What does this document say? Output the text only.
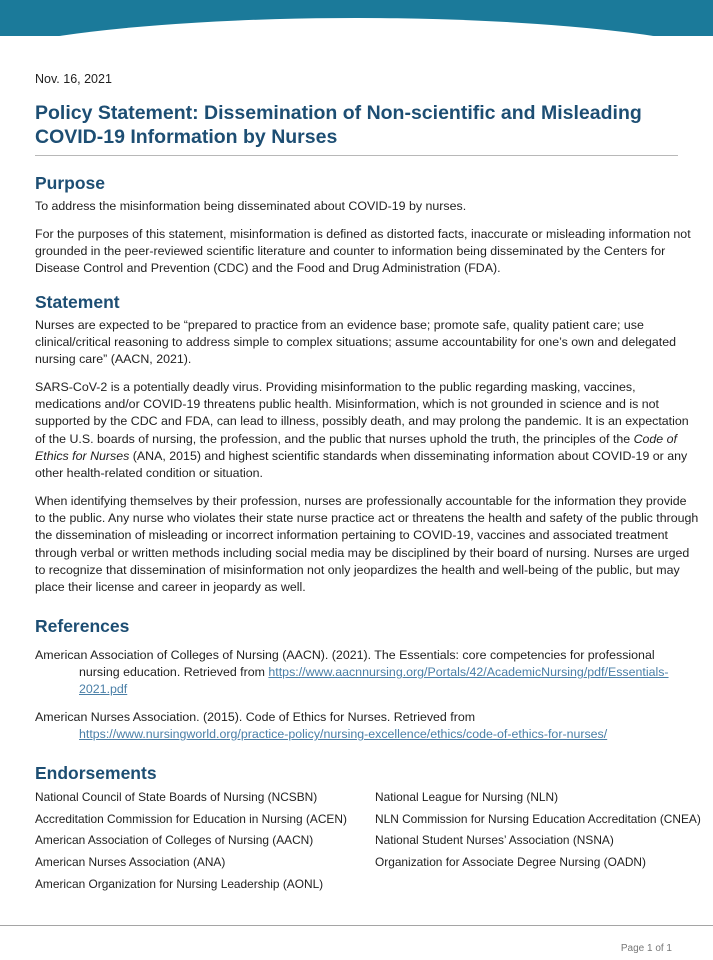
Nov. 16, 2021
Policy Statement: Dissemination of Non-scientific and Misleading COVID-19 Information by Nurses
Purpose

To address the misinformation being disseminated about COVID-19 by nurses.

For the purposes of this statement, misinformation is defined as distorted facts, inaccurate or misleading information not grounded in the peer-reviewed scientific literature and counter to information being disseminated by the Centers for Disease Control and Prevention (CDC) and the Food and Drug Administration (FDA).

Statement

Nurses are expected to be “prepared to practice from an evidence base; promote safe, quality patient care; use clinical/critical reasoning to address simple to complex situations; assume accountability for one’s own and delegated nursing care” (AACN, 2021).

SARS-CoV-2 is a potentially deadly virus. Providing misinformation to the public regarding masking, vaccines, medications and/or COVID-19 threatens public health. Misinformation, which is not grounded in science and is not supported by the CDC and FDA, can lead to illness, possibly death, and may prolong the pandemic. It is an expectation of the U.S. boards of nursing, the profession, and the public that nurses uphold the truth, the principles of the Code of Ethics for Nurses (ANA, 2015) and highest scientific standards when disseminating information about COVID-19 or any other health-related condition or situation.

When identifying themselves by their profession, nurses are professionally accountable for the information they provide to the public. Any nurse who violates their state nurse practice act or threatens the health and safety of the public through the dissemination of misleading or incorrect information pertaining to COVID-19, vaccines and associated treatment through verbal or written methods including social media may be disciplined by their board of nursing. Nurses are urged to recognize that dissemination of misinformation not only jeopardizes the health and well-being of the public, but may place their license and career in jeopardy as well.

References

American Association of Colleges of Nursing (AACN). (2021). The Essentials: core competencies for professional nursing education. Retrieved from https://www.aacnnursing.org/Portals/42/AcademicNursing/pdf/Essentials-2021.pdf

American Nurses Association. (2015). Code of Ethics for Nurses. Retrieved from https://www.nursingworld.org/practice-policy/nursing-excellence/ethics/code-of-ethics-for-nurses/

Endorsements

National Council of State Boards of Nursing (NCSBN)

Accreditation Commission for Education in Nursing (ACEN)

American Association of Colleges of Nursing (AACN)

American Nurses Association (ANA)

American Organization for Nursing Leadership (AONL)

National League for Nursing (NLN)

NLN Commission for Nursing Education Accreditation (CNEA)

National Student Nurses’ Association (NSNA)

Organization for Associate Degree Nursing (OADN)

Page 1 of 1
